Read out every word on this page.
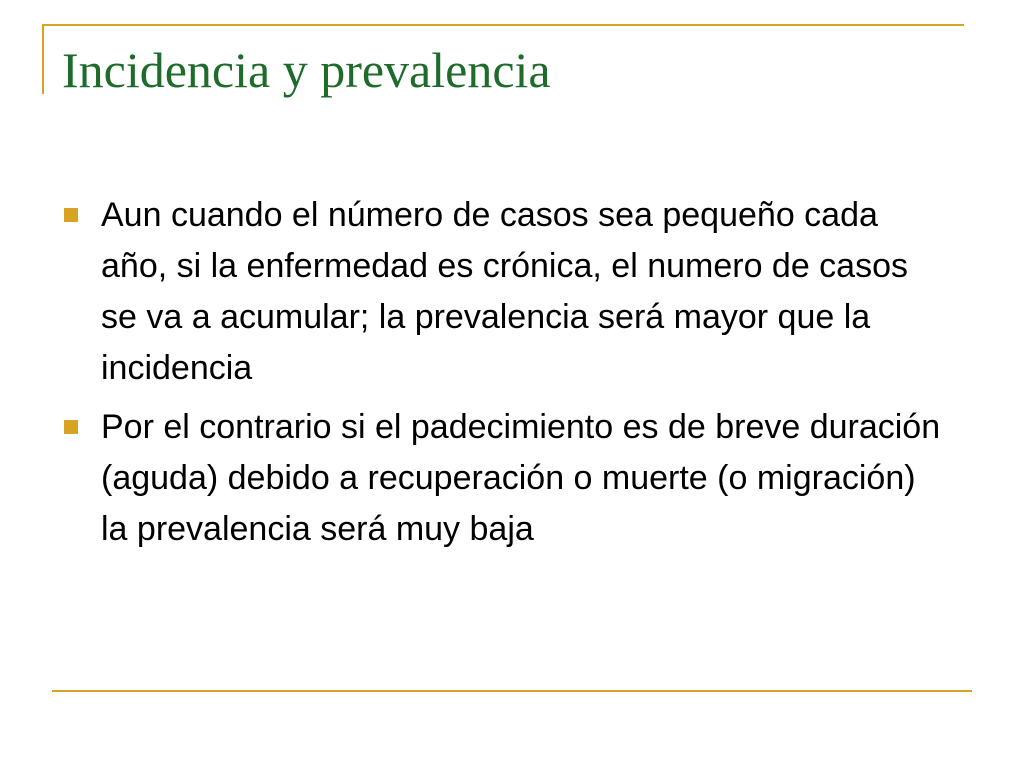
Incidencia y prevalencia
Aun cuando el número de casos sea pequeño cada año, si la enfermedad es crónica, el numero de casos se va a acumular; la prevalencia será mayor que la incidencia
Por el contrario si el padecimiento es de breve duración (aguda) debido a recuperación o muerte (o migración) la prevalencia será muy baja
